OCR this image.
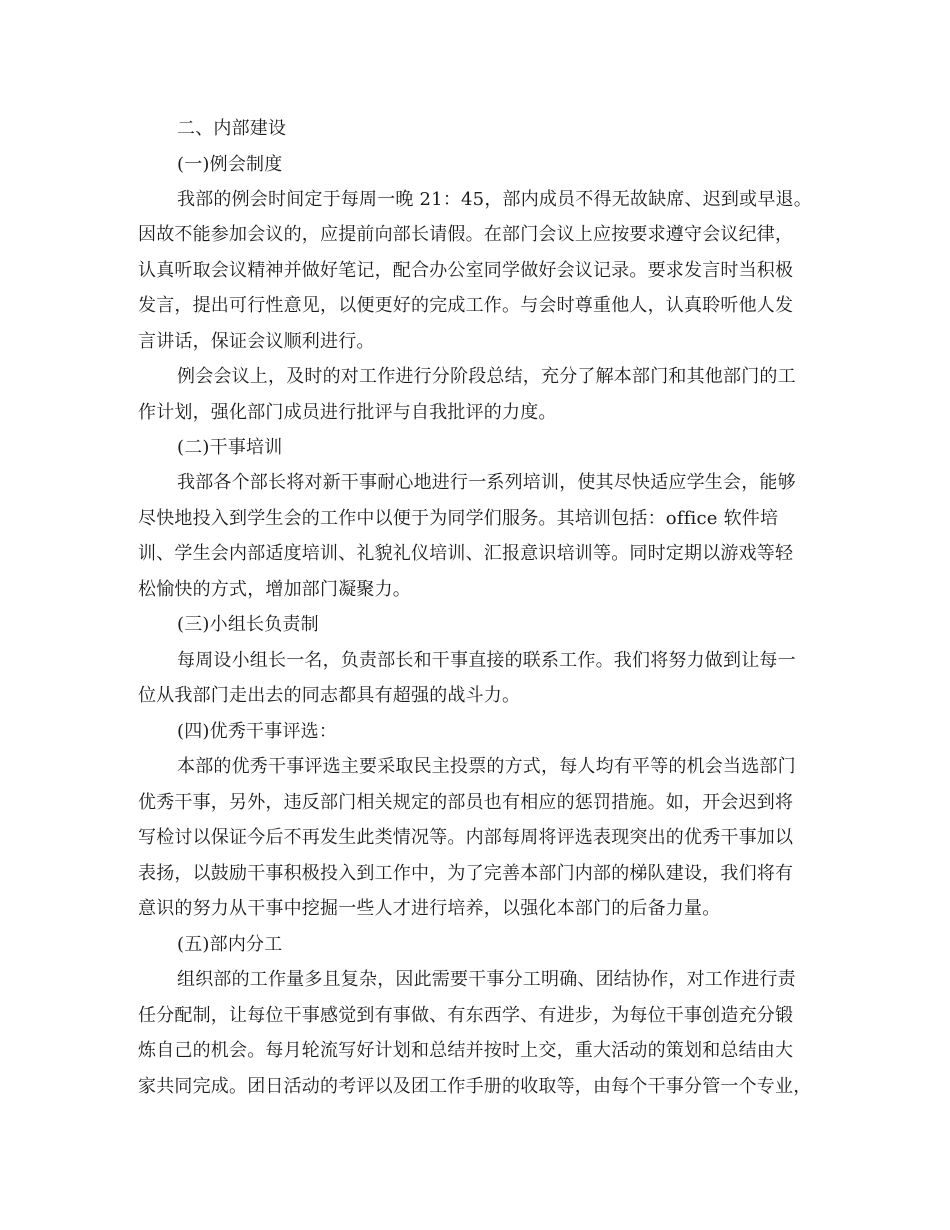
二、内部建设
(一)例会制度
我部的例会时间定于每周一晚 21：45，部内成员不得无故缺席、迟到或早退。
因故不能参加会议的，应提前向部长请假。在部门会议上应按要求遵守会议纪律，
认真听取会议精神并做好笔记，配合办公室同学做好会议记录。要求发言时当积极
发言，提出可行性意见，以便更好的完成工作。与会时尊重他人，认真聆听他人发
言讲话，保证会议顺利进行。
例会会议上，及时的对工作进行分阶段总结，充分了解本部门和其他部门的工
作计划，强化部门成员进行批评与自我批评的力度。
(二)干事培训
我部各个部长将对新干事耐心地进行一系列培训，使其尽快适应学生会，能够
尽快地投入到学生会的工作中以便于为同学们服务。其培训包括：office 软件培
训、学生会内部适度培训、礼貌礼仪培训、汇报意识培训等。同时定期以游戏等轻
松愉快的方式，增加部门凝聚力。
(三)小组长负责制
每周设小组长一名，负责部长和干事直接的联系工作。我们将努力做到让每一
位从我部门走出去的同志都具有超强的战斗力。
(四)优秀干事评选：
本部的优秀干事评选主要采取民主投票的方式，每人均有平等的机会当选部门
优秀干事，另外，违反部门相关规定的部员也有相应的惩罚措施。如，开会迟到将
写检讨以保证今后不再发生此类情况等。内部每周将评选表现突出的优秀干事加以
表扬，以鼓励干事积极投入到工作中，为了完善本部门内部的梯队建设，我们将有
意识的努力从干事中挖掘一些人才进行培养，以强化本部门的后备力量。
(五)部内分工
组织部的工作量多且复杂，因此需要干事分工明确、团结协作，对工作进行责
任分配制，让每位干事感觉到有事做、有东西学、有进步，为每位干事创造充分锻
炼自己的机会。每月轮流写好计划和总结并按时上交，重大活动的策划和总结由大
家共同完成。团日活动的考评以及团工作手册的收取等，由每个干事分管一个专业，
